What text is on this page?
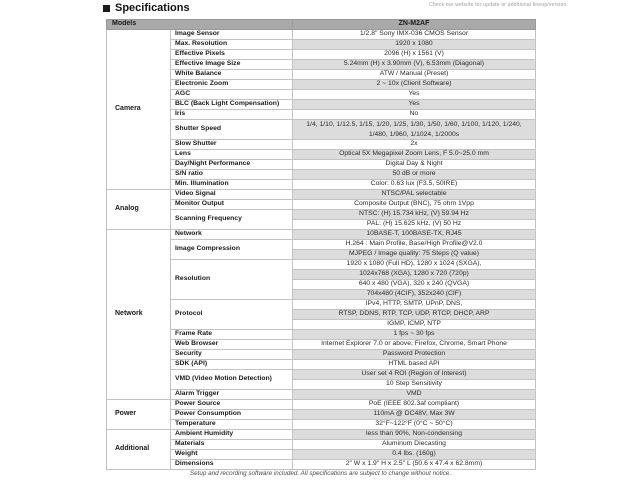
Specifications	Check our website for update or additional lineup/version.
Models		ZN-M2AF
Camera	Image Sensor	1/2.8" Sony IMX-036 CMOS Sensor
	Max. Resolution	1920 x 1080
	Effective Pixels	2096 (H) x 1561 (V)
	Effective Image Size	5.24mm (H) x 3.90mm (V), 6.53mm (Diagonal)
	White Balance	ATW / Manual (Preset)
	Electronic Zoom	2 ~ 10x (Client Software)
	AGC	Yes
	BLC (Back Light Compensation)	Yes
	Iris	No
	Shutter Speed	1/4, 1/10, 1/12.5, 1/15, 1/20, 1/25, 1/30, 1/50, 1/60, 1/100, 1/120, 1/240, 1/480, 1/960, 1/1024, 1/2000s
	Slow Shutter	2x
	Lens	Optical 5X Megapixel Zoom Lens, F 5.0~25.0 mm
	Day/Night Performance	Digital Day & Night
	S/N ratio	50 dB or more
	Min. Illumination	Color: 0.63 lux (F3.5, 50IRE)
Analog	Video Signal	NTSC/PAL selectable
	Monitor Output	Composite Output (BNC), 75 ohm 1Vpp
	Scanning Frequency	NTSC: (H) 15.734 kHz, (V) 59.94 Hz
		PAL: (H) 15.625 kHz, (V) 50 Hz
Network	Network	10BASE-T, 100BASE-TX, RJ45
	Image Compression	H.264 : Main Profile, Base/High Profile@V2.0
		MJPEG / Image quality: 75 Steps (Q value)
	Resolution	1920 x 1080 (Full HD), 1280 x 1024 (SXGA),
		1024x768 (XGA), 1280 x 720 (720p)
		640 x 480 (VGA), 320 x 240 (QVGA)
		704x480 (4CIF), 352x240 (CIF)
	Protocol	IPv4, HTTP, SMTP, UPnP, DNS,
		RTSP, DDNS, RTP, TCP, UDP, RTCP, DHCP, ARP
		IGMP, ICMP, NTP
	Frame Rate	1 fps ~ 30 fps
	Web Browser	Internet Explorer 7.0 or above, Firefox, Chrome, Smart Phone
	Security	Password Protection
	SDK (API)	HTML based API
	VMD (Video Motion Detection)	User set 4 ROI (Region of Interest)
		10 Step Sensitivity
	Alarm Trigger	VMD
Power	Power Source	PoE (IEEE 802.3af compliant)
	Power Consumption	110mA @ DC48V, Max 3W
	Temperature	32°F~122°F (0°C ~ 50°C)
Additional	Ambient Humidity	less than 90%, Non-condensing
	Materials	Aluminum Diecasting
	Weight	0.4 lbs. (160g)
	Dimensions	2" W x 1.9" H x 2.5" L (50.6 x 47.4 x 62.8mm)
Setup and recording software included. All specifications are subject to change without notice.
